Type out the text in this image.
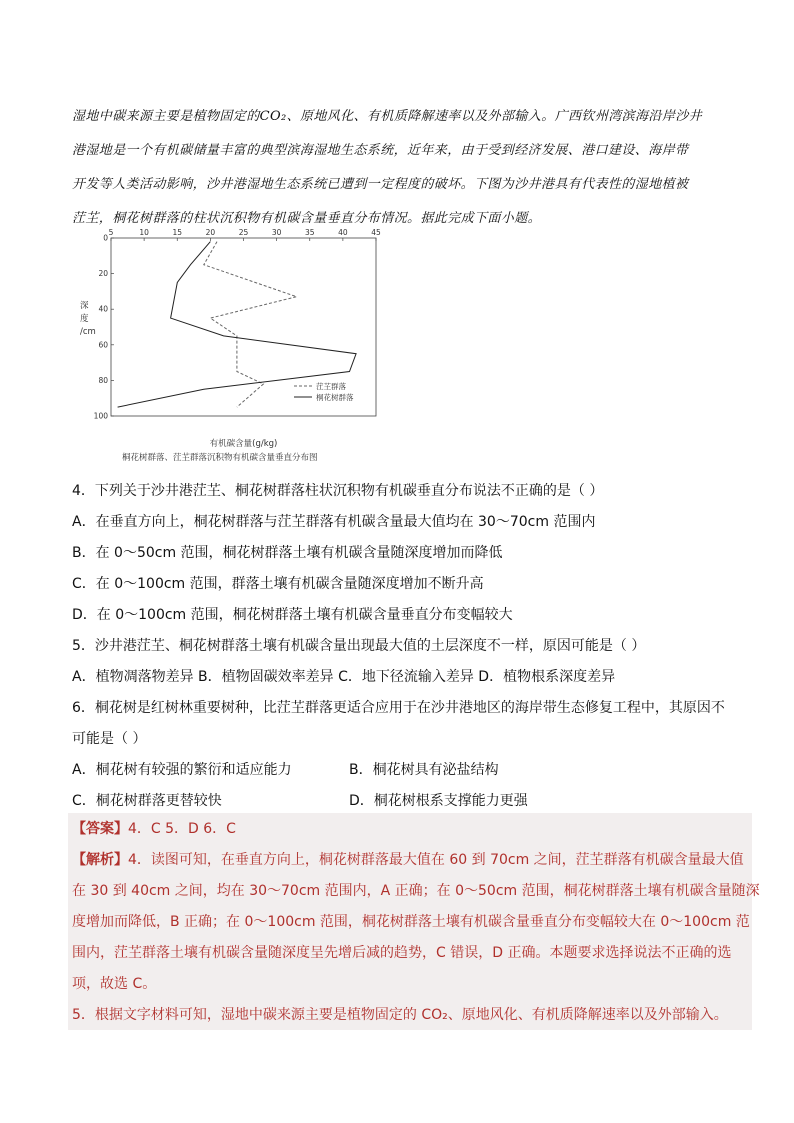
湿地中碳来源主要是植物固定的CO₂、原地风化、有机质降解速率以及外部输入。广西钦州湾滨海沿岸沙井

港湿地是一个有机碳储量丰富的典型滨海湿地生态系统，近年来，由于受到经济发展、港口建设、海岸带

开发等人类活动影响，沙井港湿地生态系统已遭到一定程度的破坏。下图为沙井港具有代表性的湿地植被

茳芏，桐花树群落的柱状沉积物有机碳含量垂直分布情况。据此完成下面小题。

5	10	15	20	25	30	35	40	45
0
20
40
60
80
100
深
度
/cm
有机碳含量(g/kg)
茳芏群落
桐花树群落
桐花树群落、茳芏群落沉积物有机碳含量垂直分布图
4．下列关于沙井港茳芏、桐花树群落柱状沉积物有机碳垂直分布说法不正确的是（ ）
A．在垂直方向上，桐花树群落与茳芏群落有机碳含量最大值均在 30～70cm 范围内
B．在 0～50cm 范围，桐花树群落土壤有机碳含量随深度增加而降低
C．在 0～100cm 范围，群落土壤有机碳含量随深度增加不断升高
D．在 0～100cm 范围，桐花树群落土壤有机碳含量垂直分布变幅较大
5．沙井港茳芏、桐花树群落土壤有机碳含量出现最大值的土层深度不一样，原因可能是（ ）
A．植物凋落物差异 B．植物固碳效率差异 C．地下径流输入差异 D．植物根系深度差异
6．桐花树是红树林重要树种，比茳芏群落更适合应用于在沙井港地区的海岸带生态修复工程中，其原因不
可能是（ ）
A．桐花树有较强的繁衍和适应能力	B．桐花树具有泌盐结构
C．桐花树群落更替较快	D．桐花树根系支撑能力更强
【答案】4．C 5．D 6．C
【解析】4．读图可知，在垂直方向上，桐花树群落最大值在 60 到 70cm 之间，茳芏群落有机碳含量最大值
在 30 到 40cm 之间，均在 30～70cm 范围内，A 正确；在 0～50cm 范围，桐花树群落土壤有机碳含量随深
度增加而降低，B 正确；在 0～100cm 范围，桐花树群落土壤有机碳含量垂直分布变幅较大在 0～100cm 范
围内，茳芏群落土壤有机碳含量随深度呈先增后减的趋势，C 错误，D 正确。本题要求选择说法不正确的选
项，故选 C。
5．根据文字材料可知，湿地中碳来源主要是植物固定的 CO₂、原地风化、有机质降解速率以及外部输入。
